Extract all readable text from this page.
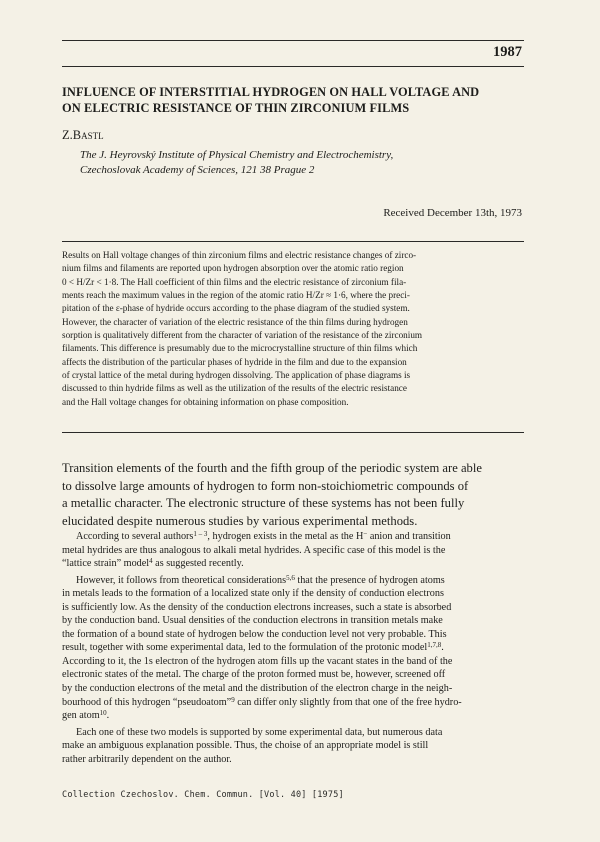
1987
INFLUENCE OF INTERSTITIAL HYDROGEN ON HALL VOLTAGE AND
ON ELECTRIC RESISTANCE OF THIN ZIRCONIUM FILMS
Z.Bastl
The J. Heyrovský Institute of Physical Chemistry and Electrochemistry,
Czechoslovak Academy of Sciences, 121 38 Prague 2
Received December 13th, 1973
Results on Hall voltage changes of thin zirconium films and electric resistance changes of zirco-
nium films and filaments are reported upon hydrogen absorption over the atomic ratio region
0 < H/Zr < 1·8. The Hall coefficient of thin films and the electric resistance of zirconium fila-
ments reach the maximum values in the region of the atomic ratio H/Zr ≈ 1·6, where the preci-
pitation of the ε-phase of hydride occurs according to the phase diagram of the studied system.
However, the character of variation of the electric resistance of the thin films during hydrogen
sorption is qualitatively different from the character of variation of the resistance of the zirconium
filaments. This difference is presumably due to the microcrystalline structure of thin films which
affects the distribution of the particular phases of hydride in the film and due to the expansion
of crystal lattice of the metal during hydrogen dissolving. The application of phase diagrams is
discussed to thin hydride films as well as the utilization of the results of the electric resistance
and the Hall voltage changes for obtaining information on phase composition.
Transition elements of the fourth and the fifth group of the periodic system are able
to dissolve large amounts of hydrogen to form non-stoichiometric compounds of
a metallic character. The electronic structure of these systems has not been fully
elucidated despite numerous studies by various experimental methods.
According to several authors$^{1 - 3}$, hydrogen exists in the metal as the H− anion and transition
metal hydrides are thus analogous to alkali metal hydrides. A specific case of this model is the
“lattice strain” model$^4$ as suggested recently.
However, it follows from theoretical considerations$^{5,6}$ that the presence of hydrogen atoms
in metals leads to the formation of a localized state only if the density of conduction electrons
is sufficiently low. As the density of the conduction electrons increases, such a state is absorbed
by the conduction band. Usual densities of the conduction electrons in transition metals make
the formation of a bound state of hydrogen below the conduction level not very probable. This
result, together with some experimental data, led to the formulation of the protonic model$^{1,7,8}$.
According to it, the 1s electron of the hydrogen atom fills up the vacant states in the band of the
electronic states of the metal. The charge of the proton formed must be, however, screened off
by the conduction electrons of the metal and the distribution of the electron charge in the neigh-
bourhood of this hydrogen “pseudoatom”$^9$ can differ only slightly from that one of the free hydro-
gen atom$^{10}$.
Each one of these two models is supported by some experimental data, but numerous data
make an ambiguous explanation possible. Thus, the choise of an appropriate model is still
rather arbitrarily dependent on the author.
Collection Czechoslov. Chem. Commun. [Vol. 40] [1975]
